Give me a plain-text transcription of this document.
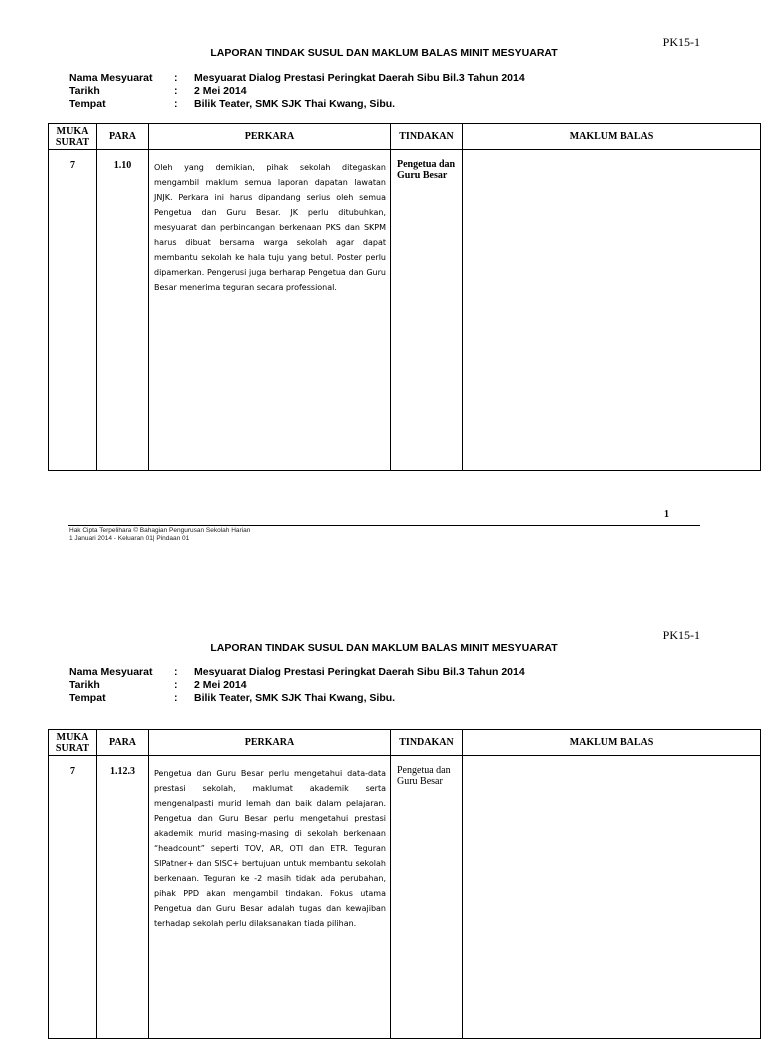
PK15-1
LAPORAN TINDAK SUSUL DAN MAKLUM BALAS MINIT MESYUARAT
Nama Mesyuarat	:	Mesyuarat Dialog Prestasi Peringkat Daerah Sibu Bil.3 Tahun 2014
Tarikh	:	2 Mei 2014
Tempat	:	Bilik Teater, SMK SJK Thai Kwang, Sibu.
MUKA SURAT	PARA	PERKARA	TINDAKAN	MAKLUM BALAS
7	1.10	Oleh yang demikian, pihak sekolah ditegaskan mengambil maklum semua laporan dapatan lawatan JNJK. Perkara ini harus dipandang serius oleh semua Pengetua dan Guru Besar. JK perlu ditubuhkan, mesyuarat dan perbincangan berkenaan PKS dan SKPM harus dibuat bersama warga sekolah agar dapat membantu sekolah ke hala tuju yang betul. Poster perlu dipamerkan. Pengerusi juga berharap Pengetua dan Guru Besar menerima teguran secara professional.	Pengetua dan Guru Besar	
1
Hak Cipta Terpelihara © Bahagian Pengurusan Sekolah Harian
1 Januari 2014 - Keluaran 01| Pindaan 01
PK15-1
LAPORAN TINDAK SUSUL DAN MAKLUM BALAS MINIT MESYUARAT
Nama Mesyuarat	:	Mesyuarat Dialog Prestasi Peringkat Daerah Sibu Bil.3 Tahun 2014
Tarikh	:	2 Mei 2014
Tempat	:	Bilik Teater, SMK SJK Thai Kwang, Sibu.
MUKA SURAT	PARA	PERKARA	TINDAKAN	MAKLUM BALAS
7	1.12.3	Pengetua dan Guru Besar perlu mengetahui data-data prestasi sekolah, maklumat akademik serta mengenalpasti murid lemah dan baik dalam pelajaran. Pengetua dan Guru Besar perlu mengetahui prestasi akademik murid masing-masing di sekolah berkenaan “headcount” seperti TOV, AR, OTI dan ETR. Teguran SIPatner+ dan SISC+ bertujuan untuk membantu sekolah berkenaan. Teguran ke -2 masih tidak ada perubahan, pihak PPD akan mengambil tindakan. Fokus utama Pengetua dan Guru Besar adalah tugas dan kewajiban terhadap sekolah perlu dilaksanakan tiada pilihan.	Pengetua dan Guru Besar	
